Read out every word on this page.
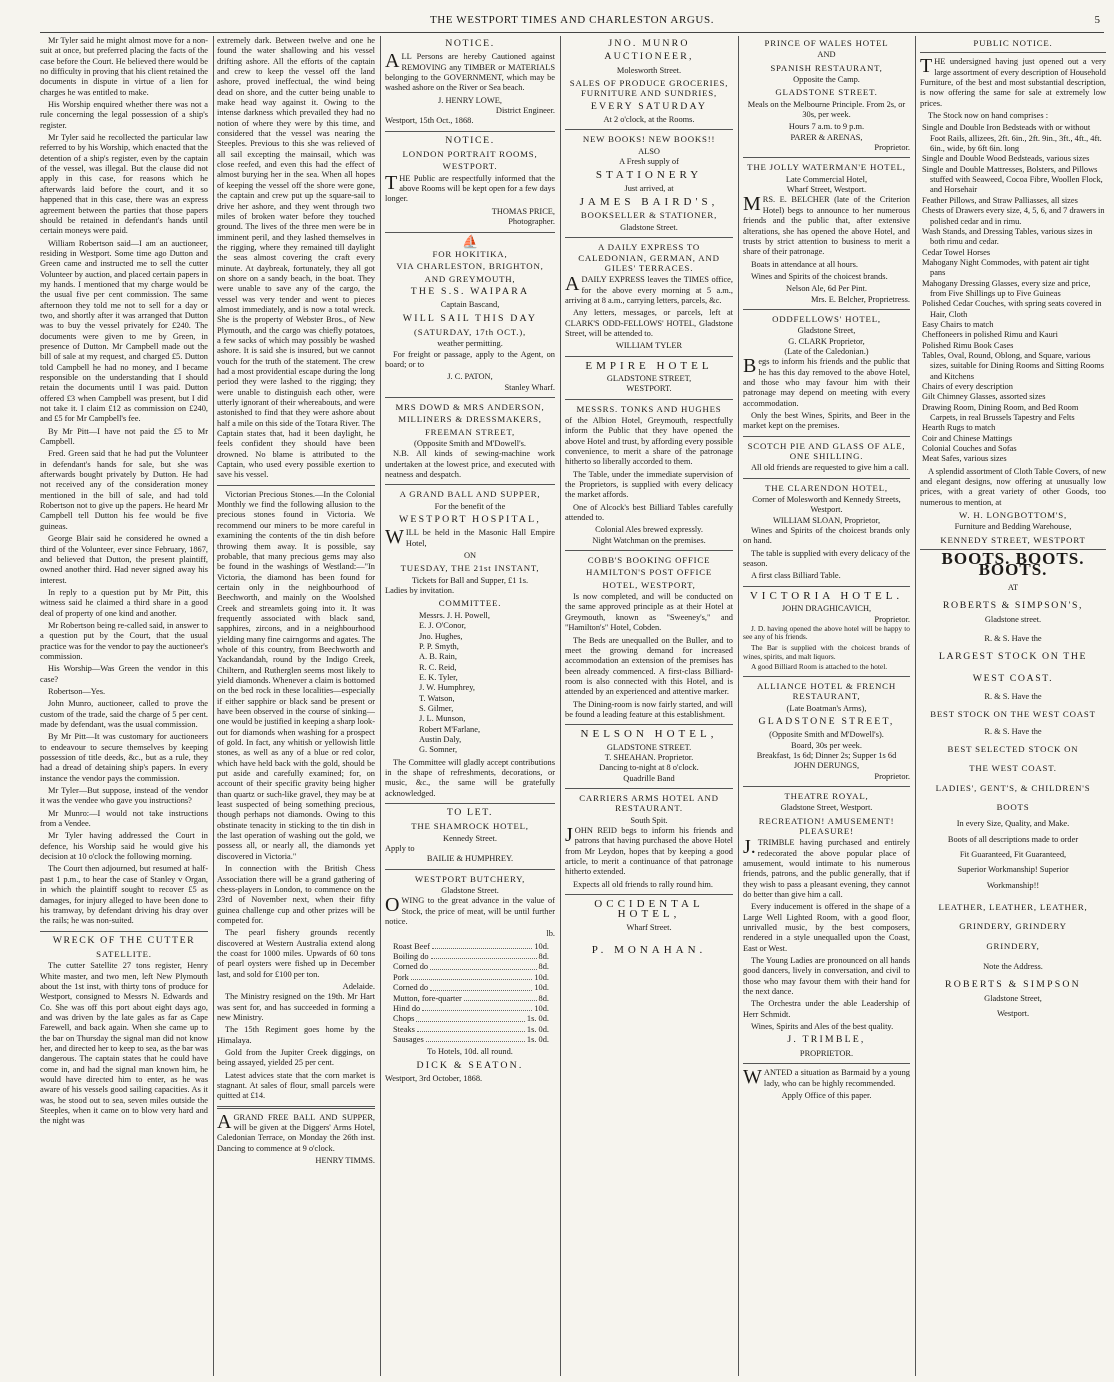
THE WESTPORT TIMES AND CHARLESTON ARGUS.	5

Mr Tyler said he might almost move for a non-suit at once, but preferred placing the facts of the case before the Court. He believed there would be no difficulty in proving that his client retained the documents in dispute in virtue of a lien for charges he was entitled to make.

His Worship enquired whether there was not a rule concerning the legal possession of a ship's register.

Mr Tyler said he recollected the particular law referred to by his Worship, which enacted that the detention of a ship's register, even by the captain of the vessel, was illegal. But the clause did not apply in this case, for reasons which he afterwards laid before the court, and it so happened that in this case, there was an express agreement between the parties that those papers should be retained in defendant's hands until certain moneys were paid.

William Robertson said—I am an auctioneer, residing in Westport. Some time ago Dutton and Green came and instructed me to sell the cutter Volunteer by auction, and placed certain papers in my hands. I mentioned that my charge would be the usual five per cent commission. The same afternoon they told me not to sell for a day or two, and shortly after it was arranged that Dutton was to buy the vessel privately for £240. The documents were given to me by Green, in presence of Dutton. Mr Campbell made out the bill of sale at my request, and charged £5. Dutton told Campbell he had no money, and I became responsible on the understanding that I should retain the documents until I was paid. Dutton offered £3 when Campbell was present, but I did not take it. I claim £12 as commission on £240, and £5 for Mr Campbell's fee.

By Mr Pitt—I have not paid the £5 to Mr Campbell.

Fred. Green said that he had put the Volunteer in defendant's hands for sale, but she was afterwards bought privately by Dutton. He had not received any of the consideration money mentioned in the bill of sale, and had told Robertson not to give up the papers. He heard Mr Campbell tell Dutton his fee would be five guineas.

George Blair said he considered he owned a third of the Volunteer, ever since February, 1867, and believed that Dutton, the present plaintiff, owned another third. Had never signed away his interest.

In reply to a question put by Mr Pitt, this witness said he claimed a third share in a good deal of property of one kind and another.

Mr Robertson being re-called said, in answer to a question put by the Court, that the usual practice was for the vendor to pay the auctioneer's commission.

His Worship—Was Green the vendor in this case?

Robertson—Yes.

John Munro, auctioneer, called to prove the custom of the trade, said the charge of 5 per cent. made by defendant, was the usual commission.

By Mr Pitt—It was customary for auctioneers to endeavour to secure themselves by keeping possession of title deeds, &c., but as a rule, they had a dread of detaining ship's papers. In every instance the vendor pays the commission.

Mr Tyler—But suppose, instead of the vendor it was the vendee who gave you instructions?

Mr Munro:—I would not take instructions from a Vendee.

Mr Tyler having addressed the Court in defence, his Worship said he would give his decision at 10 o'clock the following morning.

The Court then adjourned, but resumed at half-past 1 p.m., to hear the case of Stanley v Organ, in which the plaintiff sought to recover £5 as damages, for injury alleged to have been done to his tramway, by defendant driving his dray over the rails; he was non-suited.

WRECK OF THE CUTTER
SATELLITE.

The cutter Satellite 27 tons register, Henry White master, and two men, left New Plymouth about the 1st inst, with thirty tons of produce for Westport, consigned to Messrs N. Edwards and Co. She was off this port about eight days ago, and was driven by the late gales as far as Cape Farewell, and back again. When she came up to the bar on Thursday the signal man did not know her, and directed her to keep to sea, as the bar was dangerous. The captain states that he could have come in, and had the signal man known him, he would have directed him to enter, as he was aware of his vessels good sailing capacities. As it was, he stood out to sea, seven miles outside the Steeples, when it came on to blow very hard and the night was

extremely dark. Between twelve and one he found the water shallowing and his vessel drifting ashore. All the efforts of the captain and crew to keep the vessel off the land ashore, proved ineffectual, the wind being dead on shore, and the cutter being unable to make head way against it. Owing to the intense darkness which prevailed they had no notion of where they were by this time, and considered that the vessel was nearing the Steeples. Previous to this she was relieved of all sail excepting the mainsail, which was close reefed, and even this had the effect of almost burying her in the sea. When all hopes of keeping the vessel off the shore were gone, the captain and crew put up the square-sail to drive her ashore, and they went through two miles of broken water before they touched ground. The lives of the three men were be in imminent peril, and they lashed themselves in the rigging, where they remained till daylight the seas almost covering the craft every minute. At daybreak, fortunately, they all got on shore on a sandy beach, in the boat. They were unable to save any of the cargo, the vessel was very tender and went to pieces almost immediately, and is now a total wreck. She is the property of Webster Bros., of New Plymouth, and the cargo was chiefly potatoes, a few sacks of which may possibly be washed ashore. It is said she is insured, but we cannot vouch for the truth of the statement. The crew had a most providential escape during the long period they were lashed to the rigging; they were unable to distinguish each other, were utterly ignorant of their whereabouts, and were astonished to find that they were ashore about half a mile on this side of the Totara River. The Captain states that, had it been daylight, he feels confident they should have been drowned. No blame is attributed to the Captain, who used every possible exertion to save his vessel.

Victorian Precious Stones.—In the Colonial Monthly we find the following allusion to the precious stones found in Victoria. We recommend our miners to be more careful in examining the contents of the tin dish before throwing them away. It is possible, say probable, that many precious gems may also be found in the washings of Westland:—"In Victoria, the diamond has been found for certain only in the neighbourhood of Beechworth, and mainly on the Woolshed Creek and streamlets going into it. It was frequently associated with black sand, sapphires, zircons, and in a neighbourhood yielding many fine cairngorms and agates. The whole of this country, from Beechworth and Yackandandah, round by the Indigo Creek, Chiltern, and Rutherglen seems most likely to yield diamonds. Whenever a claim is bottomed on the bed rock in these localities—especially if either sapphire or black sand be present or have been observed in the course of sinking—one would be justified in keeping a sharp look-out for diamonds when washing for a prospect of gold. In fact, any whitish or yellowish little stones, as well as any of a blue or red color, which have held back with the gold, should be put aside and carefully examined; for, on account of their specific gravity being higher than quartz or such-like gravel, they may be at least suspected of being something precious, though perhaps not diamonds. Owing to this obstinate tenacity in sticking to the tin dish in the last operation of washing out the gold, we possess all, or nearly all, the diamonds yet discovered in Victoria."

In connection with the British Chess Association there will be a grand gathering of chess-players in London, to commence on the 23rd of November next, when their fifty guinea challenge cup and other prizes will be competed for.

The pearl fishery grounds recently discovered at Western Australia extend along the coast for 1000 miles. Upwards of 60 tons of pearl oysters were fished up in December last, and sold for £100 per ton.

Adelaide.

The Ministry resigned on the 19th. Mr Hart was sent for, and has succeeded in forming a new Ministry.

The 15th Regiment goes home by the Himalaya.

Gold from the Jupiter Creek diggings, on being assayed, yielded 25 per cent.

Latest advices state that the corn market is stagnant. At sales of flour, small parcels were quitted at £14.

AGRAND FREE BALL AND SUPPER, will be given at the Diggers' Arms Hotel, Caledonian Terrace, on Monday the 26th inst. Dancing to commence at 9 o'clock.

HENRY TIMMS.
NOTICE.

ALL Persons are hereby Cautioned against REMOVING any TIMBER or MATERIALS belonging to the GOVERNMENT, which may be washed ashore on the River or Sea beach.

J. HENRY LOWE,
District Engineer.
Westport, 15th Oct., 1868.
NOTICE.
LONDON PORTRAIT ROOMS,
WESTPORT.

THE Public are respectfully informed that the above Rooms will be kept open for a few days longer.

THOMAS PRICE,
Photographer.
⛵
FOR HOKITIKA,
VIA CHARLESTON, BRIGHTON,
AND GREYMOUTH,
THE S.S. WAIPARA
Captain Bascand,
WILL SAIL THIS DAY
(SATURDAY, 17th OCT.),
weather permitting.

For freight or passage, apply to the Agent, on board; or to

J. C. PATON,
Stanley Wharf.
MRS DOWD & MRS ANDERSON,
MILLINERS & DRESSMAKERS,
FREEMAN STREET,
(Opposite Smith and M'Dowell's.

N.B. All kinds of sewing-machine work undertaken at the lowest price, and executed with neatness and despatch.

A GRAND BALL AND SUPPER,
For the benefit of the
WESTPORT HOSPITAL,

WILL be held in the Masonic Hall Empire Hotel,

ON
TUESDAY, THE 21st INSTANT,
Tickets for Ball and Supper, £1 1s.
Ladies by invitation.
COMMITTEE.
Messrs. J. H. Powell,
E. J. O'Conor,
Jno. Hughes,
P. P. Smyth,
A. B. Rain,
R. C. Reid,
E. K. Tyler,
J. W. Humphrey,
T. Watson,
S. Gilmer,
J. L. Munson,
Robert M'Farlane,
Austin Daly,
G. Somner,

The Committee will gladly accept contributions in the shape of refreshments, decorations, or music, &c., the same will be gratefully acknowledged.

TO LET.
THE SHAMROCK HOTEL,
Kennedy Street.
Apply to
BAILIE & HUMPHREY.
WESTPORT BUTCHERY,
Gladstone Street.

OWING to the great advance in the value of Stock, the price of meat, will be until further notice.

lb.
Roast Beef	10d.
Boiling do	8d.
Corned do	8d.
Pork	10d.
Corned do	10d.
Mutton, fore-quarter	8d.
Hind do	10d.
Chops	1s. 0d.
Steaks	1s. 0d.
Sausages	1s. 0d.
To Hotels, 10d. all round.
DICK & SEATON.
Westport, 3rd October, 1868.
JNO. MUNRO
AUCTIONEER,
Molesworth Street.
SALES OF PRODUCE GROCERIES, FURNITURE AND SUNDRIES,
EVERY SATURDAY
At 2 o'clock, at the Rooms.
NEW BOOKS! NEW BOOKS!!
ALSO
A Fresh supply of
STATIONERY
Just arrived, at
JAMES BAIRD'S,
BOOKSELLER & STATIONER,
Gladstone Street.
A DAILY EXPRESS TO CALEDONIAN, GERMAN, AND GILES' TERRACES.

ADAILY EXPRESS leaves the TIMES office, for the above every morning at 5 a.m., arriving at 8 a.m., carrying letters, parcels, &c.

Any letters, messages, or parcels, left at CLARK'S ODD-FELLOWS' HOTEL, Gladstone Street, will be attended to.

WILLIAM TYLER
EMPIRE HOTEL
GLADSTONE STREET,
WESTPORT.
MESSRS. TONKS AND HUGHES

of the Albion Hotel, Greymouth, respectfully inform the Public that they have opened the above Hotel and trust, by affording every possible convenience, to merit a share of the patronage hitherto so liberally accorded to them.

The Table, under the immediate supervision of the Proprietors, is supplied with every delicacy the market affords.

One of Alcock's best Billiard Tables carefully attended to.

Colonial Ales brewed expressly.
Night Watchman on the premises.
COBB'S BOOKING OFFICE
HAMILTON'S POST OFFICE
HOTEL, WESTPORT,

Is now completed, and will be conducted on the same approved principle as at their Hotel at Greymouth, known as "Sweeney's," and "Hamilton's" Hotel, Cobden.

The Beds are unequalled on the Buller, and to meet the growing demand for increased accommodation an extension of the premises has been already commenced. A first-class Billiard-room is also connected with this Hotel, and is attended by an experienced and attentive marker.

The Dining-room is now fairly started, and will be found a leading feature at this establishment.

NELSON HOTEL,
GLADSTONE STREET.
T. SHEAHAN. Proprietor.
Dancing to-night at 8 o'clock.
Quadrille Band
CARRIERS ARMS HOTEL AND RESTAURANT.
South Spit.

JOHN REID begs to inform his friends and patrons that having purchased the above Hotel from Mr Leydon, hopes that by keeping a good article, to merit a continuance of that patronage hitherto extended.

Expects all old friends to rally round him.

OCCIDENTAL HOTEL,
Wharf Street.
P. MONAHAN.
PRINCE OF WALES HOTEL
AND
SPANISH RESTAURANT,
Opposite the Camp.
GLADSTONE STREET.

Meals on the Melbourne Principle. From 2s, or 30s, per week.

Hours 7 a.m. to 9 p.m.
PARER & ARENAS,
Proprietor.
THE JOLLY WATERMAN'E HOTEL,
Late Commercial Hotel,
Wharf Street, Westport.

MRS. E. BELCHER (late of the Criterion Hotel) begs to announce to her numerous friends and the public that, after extensive alterations, she has opened the above Hotel, and trusts by strict attention to business to merit a share of their patronage.

Boats in attendance at all hours.

Wines and Spirits of the choicest brands.

Nelson Ale, 6d Per Pint.
Mrs. E. Belcher, Proprietress.
ODDFELLOWS' HOTEL,
Gladstone Street,
G. CLARK Proprietor,
(Late of the Caledonian.)

Begs to inform his friends and the public that he has this day removed to the above Hotel, and those who may favour him with their patronage may depend on meeting with every accommodation.

Only the best Wines, Spirits, and Beer in the market kept on the premises.

SCOTCH PIE AND GLASS OF ALE, ONE SHILLING.

All old friends are requested to give him a call.

THE CLARENDON HOTEL,
Corner of Molesworth and Kennedy Streets, Westport.
WILLIAM SLOAN, Proprietor,

Wines and Spirits of the choicest brands only on hand.

The table is supplied with every delicacy of the season.

A first class Billiard Table.

VICTORIA HOTEL.
JOHN DRAGHICAVICH,
Proprietor.

J. D. having opened the above hotel will be happy to see any of his friends.

The Bar is supplied with the choicest brands of wines, spirits, and malt liquors.

A good Billiard Room is attached to the hotel.

ALLIANCE HOTEL & FRENCH RESTAURANT,
(Late Boatman's Arms),
GLADSTONE STREET,
(Opposite Smith and M'Dowell's).
Board, 30s per week.
Breakfast, 1s 6d; Dinner 2s; Supper 1s 6d
JOHN DERUNGS,
Proprietor.
THEATRE ROYAL,
Gladstone Street, Westport.
RECREATION! AMUSEMENT! PLEASURE!

J.TRIMBLE having purchased and entirely redecorated the above popular place of amusement, would intimate to his numerous friends, patrons, and the public generally, that if they wish to pass a pleasant evening, they cannot do better than give him a call.

Every inducement is offered in the shape of a Large Well Lighted Room, with a good floor, unrivalled music, by the best composers, rendered in a style unequalled upon the Coast, East or West.

The Young Ladies are pronounced on all hands good dancers, lively in conversation, and civil to those who may favour them with their hand for the next dance.

The Orchestra under the able Leadership of Herr Schmidt.

Wines, Spirits and Ales of the best quality.

J. TRIMBLE,
PROPRIETOR.

WANTED a situation as Barmaid by a young lady, who can be highly recommended.

Apply Office of this paper.
PUBLIC NOTICE.

THE undersigned having just opened out a very large assortment of every description of Household Furniture, of the best and most substantial description, is now offering the same for sale at extremely low prices.

The Stock now on hand comprises :

Single and Double Iron Bedsteads with or without Foot Rails, allizees, 2ft. 6in., 2ft. 9in., 3ft., 4ft., 4ft. 6in., wide, by 6ft 6in. long
Single and Double Wood Bedsteads, various sizes
Single and Double Mattresses, Bolsters, and Pillows stuffed with Seaweed, Cocoa Fibre, Woollen Flock, and Horsehair
Feather Pillows, and Straw Palliasses, all sizes
Chests of Drawers every size, 4, 5, 6, and 7 drawers in polished cedar and in rimu.
Wash Stands, and Dressing Tables, various sizes in both rimu and cedar.
Cedar Towel Horses
Mahogany Night Commodes, with patent air tight pans
Mahogany Dressing Glasses, every size and price, from Five Shillings up to Five Guineas
Polished Cedar Couches, with spring seats covered in Hair, Cloth
Easy Chairs to match
Cheffoneers in polished Rimu and Kauri
Polished Rimu Book Cases
Tables, Oval, Round, Oblong, and Square, various sizes, suitable for Dining Rooms and Sitting Rooms and Kitchens
Chairs of every description
Gilt Chimney Glasses, assorted sizes
Drawing Room, Dining Room, and Bed Room Carpets, in real Brussels Tapestry and Felts
Hearth Rugs to match
Coir and Chinese Mattings
Colonial Couches and Sofas
Meat Safes, various sizes

A splendid assortment of Cloth Table Covers, of new and elegant designs, now offering at unusually low prices, with a great variety of other Goods, too numerous to mention, at

W. H. LONGBOTTOM'S,
Furniture and Bedding Warehouse,
KENNEDY STREET, WESTPORT
BOOTS. BOOTS. BOOTS.
AT
ROBERTS & SIMPSON'S,
Gladstone street.
R. & S. Have the
LARGEST STOCK ON THE
WEST COAST.
R. & S. Have the
BEST STOCK ON THE WEST COAST
R. & S. Have the
BEST SELECTED STOCK ON
THE WEST COAST.
LADIES', GENT'S, & CHILDREN'S
BOOTS
In every Size, Quality, and Make.
Boots of all descriptions made to order
Fit Guaranteed, Fit Guaranteed,
Superior Workmanship! Superior
Workmanship!!
LEATHER, LEATHER, LEATHER,
GRINDERY, GRINDERY
GRINDERY,
Note the Address.
ROBERTS & SIMPSON
Gladstone Street,
Westport.
